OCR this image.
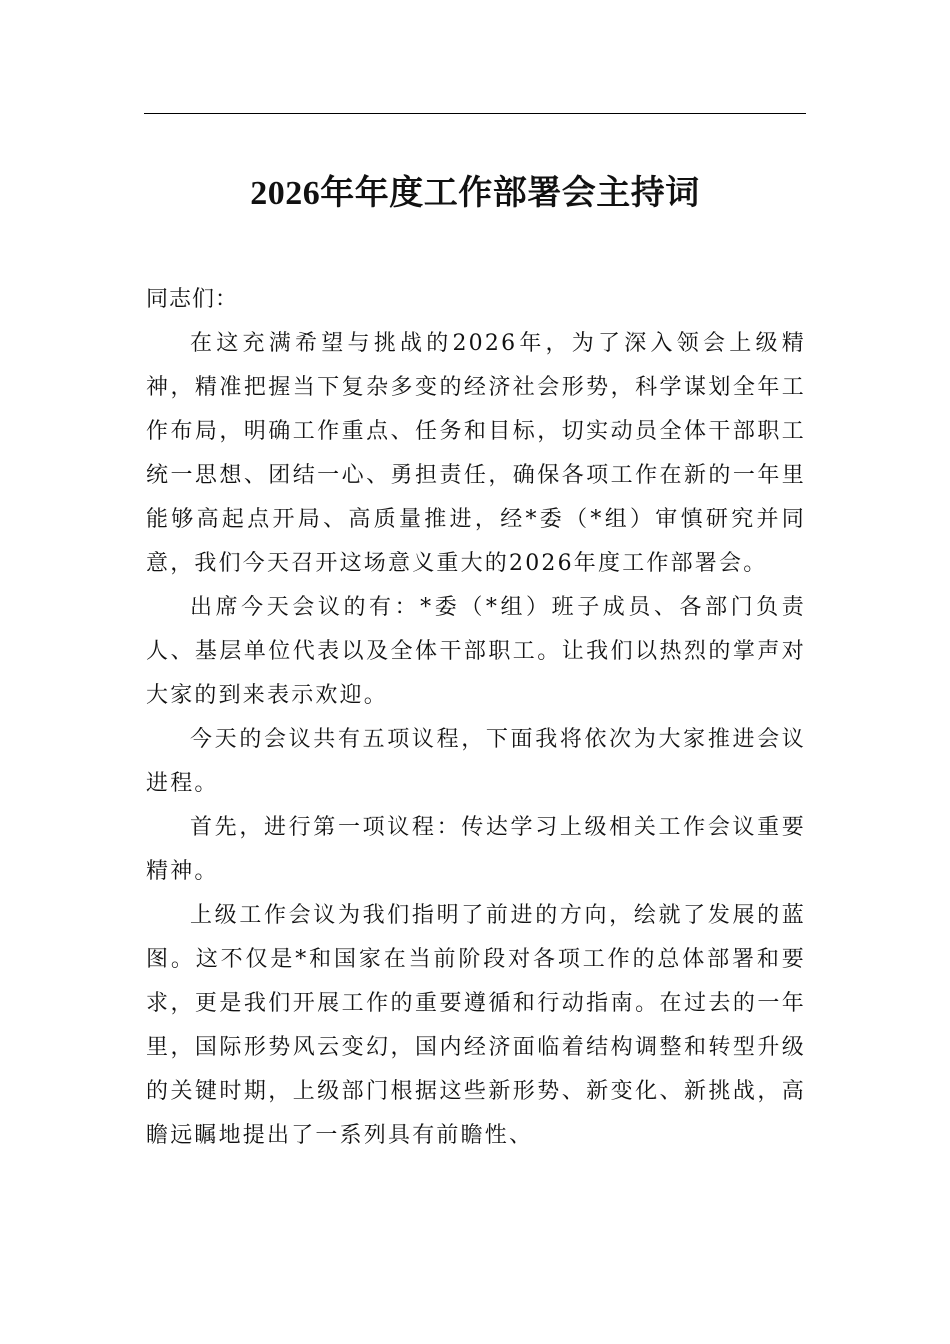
2026年年度工作部署会主持词

同志们：

在这充满希望与挑战的2026年，为了深入领会上级精神，精准把握当下复杂多变的经济社会形势，科学谋划全年工作布局，明确工作重点、任务和目标，切实动员全体干部职工统一思想、团结一心、勇担责任，确保各项工作在新的一年里能够高起点开局、高质量推进，经*委（*组）审慎研究并同意，我们今天召开这场意义重大的2026年度工作部署会。

出席今天会议的有：*委（*组）班子成员、各部门负责人、基层单位代表以及全体干部职工。让我们以热烈的掌声对大家的到来表示欢迎。

今天的会议共有五项议程，下面我将依次为大家推进会议进程。

首先，进行第一项议程：传达学习上级相关工作会议重要精神。

上级工作会议为我们指明了前进的方向，绘就了发展的蓝图。这不仅是*和国家在当前阶段对各项工作的总体部署和要求，更是我们开展工作的重要遵循和行动指南。在过去的一年里，国际形势风云变幻，国内经济面临着结构调整和转型升级的关键时期，上级部门根据这些新形势、新变化、新挑战，高瞻远瞩地提出了一系列具有前瞻性、
